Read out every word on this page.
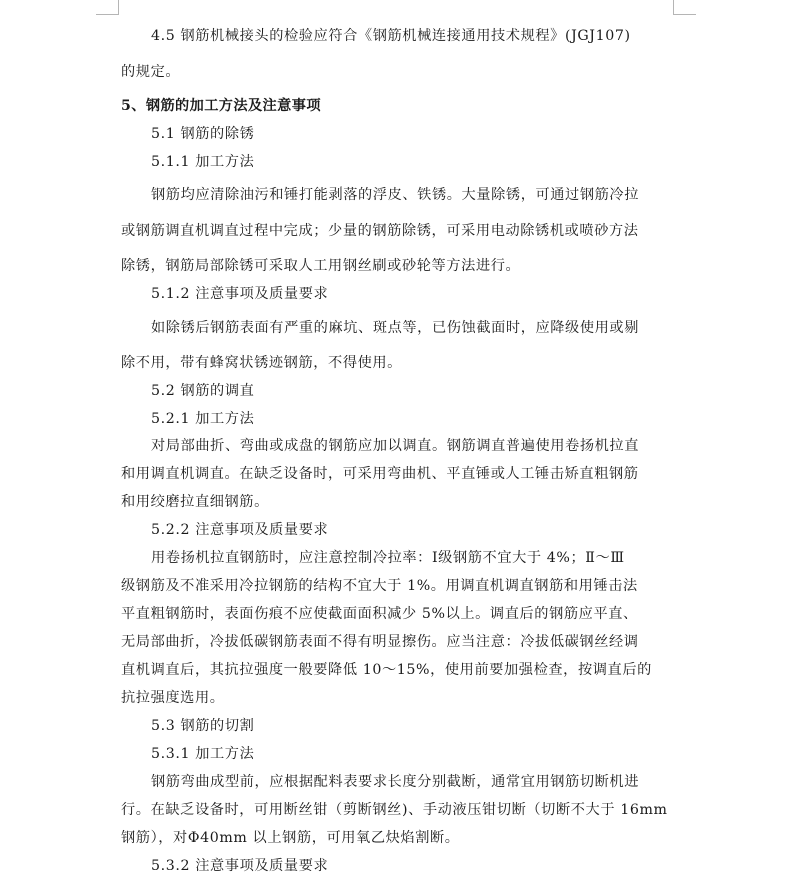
4.5 钢筋机械接头的检验应符合《钢筋机械连接通用技术规程》(JGJ107)
的规定。
5、钢筋的加工方法及注意事项
5.1 钢筋的除锈
5.1.1 加工方法
钢筋均应清除油污和锤打能剥落的浮皮、铁锈。大量除锈，可通过钢筋冷拉
或钢筋调直机调直过程中完成；少量的钢筋除锈，可采用电动除锈机或喷砂方法
除锈，钢筋局部除锈可采取人工用钢丝刷或砂轮等方法进行。
5.1.2 注意事项及质量要求
如除锈后钢筋表面有严重的麻坑、斑点等，已伤蚀截面时，应降级使用或剔
除不用，带有蜂窝状锈迹钢筋，不得使用。
5.2 钢筋的调直
5.2.1 加工方法
对局部曲折、弯曲或成盘的钢筋应加以调直。钢筋调直普遍使用卷扬机拉直
和用调直机调直。在缺乏设备时，可采用弯曲机、平直锤或人工锤击矫直粗钢筋
和用绞磨拉直细钢筋。
5.2.2 注意事项及质量要求
用卷扬机拉直钢筋时，应注意控制冷拉率：Ⅰ级钢筋不宜大于 4%；Ⅱ～Ⅲ
级钢筋及不准采用冷拉钢筋的结构不宜大于 1%。用调直机调直钢筋和用锤击法
平直粗钢筋时，表面伤痕不应使截面面积减少 5%以上。调直后的钢筋应平直、
无局部曲折，冷拔低碳钢筋表面不得有明显擦伤。应当注意：冷拔低碳钢丝经调
直机调直后，其抗拉强度一般要降低 10～15%，使用前要加强检查，按调直后的
抗拉强度选用。
5.3 钢筋的切割
5.3.1 加工方法
钢筋弯曲成型前，应根据配料表要求长度分别截断，通常宜用钢筋切断机进
行。在缺乏设备时，可用断丝钳（剪断钢丝)、手动液压钳切断（切断不大于 16mm
钢筋），对Φ40mm 以上钢筋，可用氧乙炔焰割断。
5.3.2 注意事项及质量要求
